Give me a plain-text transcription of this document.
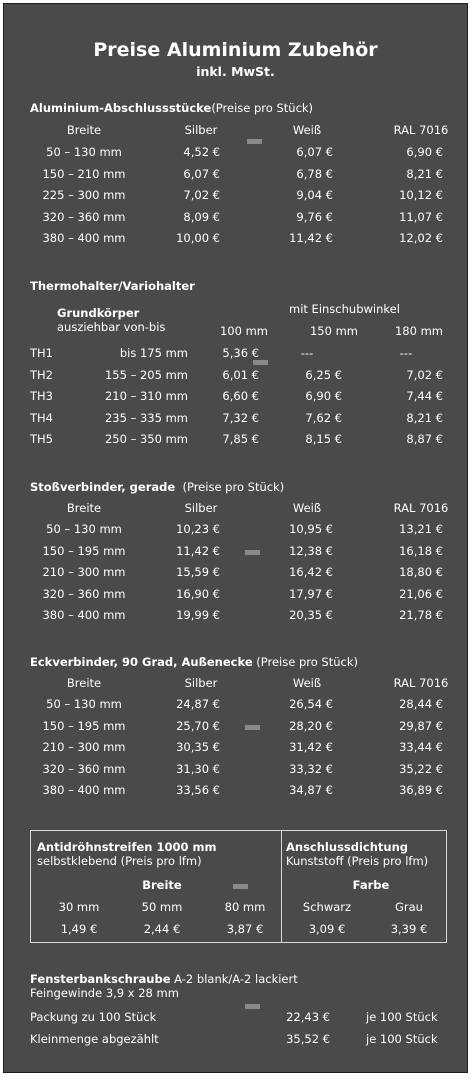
Preise Aluminium Zubehör
inkl. MwSt.
Aluminium-Abschlussstücke(Preise pro Stück)
Breite	Silber	Weiß	RAL 7016
50 – 130 mm	4,52 €	6,07 €	6,90 €
150 – 210 mm	6,07 €	6,78 €	8,21 €
225 – 300 mm	7,02 €	9,04 €	10,12 €
320 – 360 mm	8,09 €	9,76 €	11,07 €
380 – 400 mm	10,00 €	11,42 €	12,02 €
Thermohalter/Variohalter
Grundkörper
ausziehbar von-bis
mit Einschubwinkel
100 mm	150 mm	180 mm
TH1	bis 175 mm	5,36 €	---	---
TH2	155 – 205 mm	6,01 €	6,25 €	7,02 €
TH3	210 – 310 mm	6,60 €	6,90 €	7,44 €
TH4	235 – 335 mm	7,32 €	7,62 €	8,21 €
TH5	250 – 350 mm	7,85 €	8,15 €	8,87 €
Stoßverbinder, gerade (Preise pro Stück)
Breite	Silber	Weiß	RAL 7016
50 – 130 mm	10,23 €	10,95 €	13,21 €
150 – 195 mm	11,42 €	12,38 €	16,18 €
210 – 300 mm	15,59 €	16,42 €	18,80 €
320 – 360 mm	16,90 €	17,97 €	21,06 €
380 – 400 mm	19,99 €	20,35 €	21,78 €
Eckverbinder, 90 Grad, Außenecke (Preise pro Stück)
Breite	Silber	Weiß	RAL 7016
50 – 130 mm	24,87 €	26,54 €	28,44 €
150 – 195 mm	25,70 €	28,20 €	29,87 €
210 – 300 mm	30,35 €	31,42 €	33,44 €
320 – 360 mm	31,30 €	33,32 €	35,22 €
380 – 400 mm	33,56 €	34,87 €	36,89 €
Antidröhnstreifen 1000 mm
selbstklebend (Preis pro lfm)
Breite
30 mm	50 mm	80 mm
1,49 €	2,44 €	3,87 €
Anschlussdichtung
Kunststoff (Preis pro lfm)
Farbe
Schwarz	Grau
3,09 €	3,39 €
Fensterbankschraube A-2 blank/A-2 lackiert
Feingewinde 3,9 x 28 mm
Packung zu 100 Stück	22,43 €	je 100 Stück
Kleinmenge abgezählt	35,52 €	je 100 Stück
